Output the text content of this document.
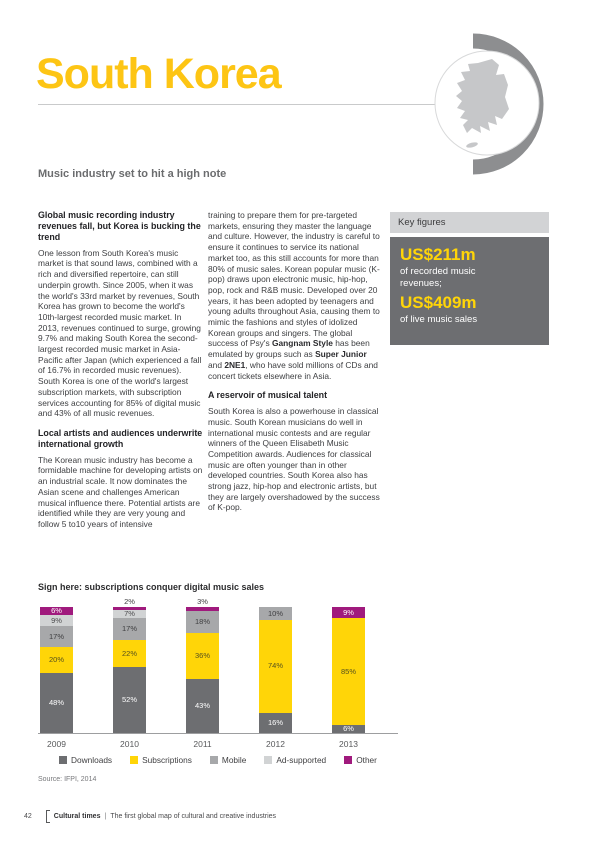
South Korea
Music industry set to hit a high note
Global music recording industry revenues fall, but Korea is bucking the trend

One lesson from South Korea's music market is that sound laws, combined with a rich and diversified repertoire, can still underpin growth. Since 2005, when it was the world's 33rd market by revenues, South Korea has grown to become the world's 10th-largest recorded music market. In 2013, revenues continued to surge, growing 9.7% and making South Korea the second-largest recorded music market in Asia-Pacific after Japan (which experienced a fall of 16.7% in recorded music revenues). South Korea is one of the world's largest subscription markets, with subscription services accounting for 85% of digital music and 43% of all music revenues.

Local artists and audiences underwrite international growth

The Korean music industry has become a formidable machine for developing artists on an industrial scale. It now dominates the Asian scene and challenges American musical influence there. Potential artists are identified while they are very young and follow 5 to10 years of intensive

training to prepare them for pre-targeted markets, ensuring they master the language and culture. However, the industry is careful to ensure it continues to service its national market too, as this still accounts for more than 80% of music sales. Korean popular music (K-pop) draws upon electronic music, hip-hop, pop, rock and R&B music. Developed over 20 years, it has been adopted by teenagers and young adults throughout Asia, causing them to mimic the fashions and styles of idolized Korean groups and singers. The global success of Psy's Gangnam Style has been emulated by groups such as Super Junior and 2NE1, who have sold millions of CDs and concert tickets elsewhere in Asia.

A reservoir of musical talent

South Korea is also a powerhouse in classical music. South Korean musicians do well in international music contests and are regular winners of the Queen Elisabeth Music Competition awards. Audiences for classical music are often younger than in other developed countries. South Korea also has strong jazz, hip-hop and electronic artists, but they are largely overshadowed by the success of K-pop.

Key figures
US$211m
of recorded music revenues;
US$409m
of live music sales
Sign here: subscriptions conquer digital music sales
48%
20%
17%
9%
6%
52%
22%
17%
7%
2%
43%
36%
18%
3%
16%
74%
10%
6%
85%
9%
2009	2010	2011	2012	2013
Downloads	Subscriptions	Mobile	Ad-supported	Other
Source: IFPI, 2014
42	Cultural times | The first global map of cultural and creative industries
